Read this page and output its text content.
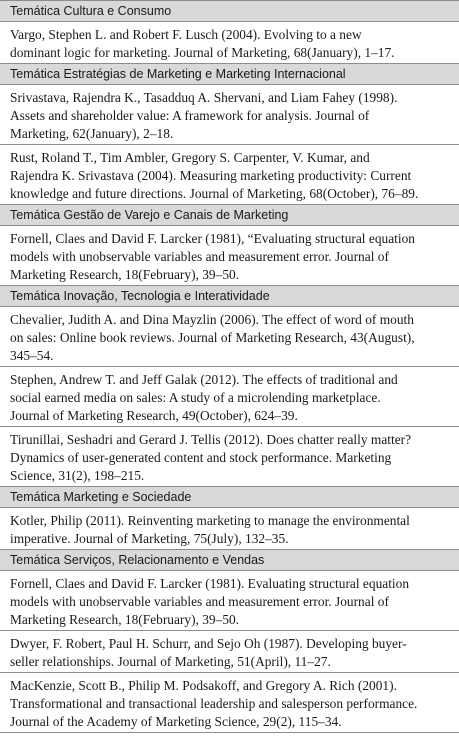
Temática Cultura e Consumo
Vargo, Stephen L. and Robert F. Lusch (2004). Evolving to a new
dominant logic for marketing. Journal of Marketing, 68(January), 1–17.
Temática Estratégias de Marketing e Marketing Internacional
Srivastava, Rajendra K., Tasadduq A. Shervani, and Liam Fahey (1998).
Assets and shareholder value: A framework for analysis. Journal of
Marketing, 62(January), 2–18.
Rust, Roland T., Tim Ambler, Gregory S. Carpenter, V. Kumar, and
Rajendra K. Srivastava (2004). Measuring marketing productivity: Current
knowledge and future directions. Journal of Marketing, 68(October), 76–89.
Temática Gestão de Varejo e Canais de Marketing
Fornell, Claes and David F. Larcker (1981), “Evaluating structural equation
models with unobservable variables and measurement error. Journal of
Marketing Research, 18(February), 39–50.
Temática Inovação, Tecnologia e Interatividade
Chevalier, Judith A. and Dina Mayzlin (2006). The effect of word of mouth
on sales: Online book reviews. Journal of Marketing Research, 43(August),
345–54.
Stephen, Andrew T. and Jeff Galak (2012). The effects of traditional and
social earned media on sales: A study of a microlending marketplace.
Journal of Marketing Research, 49(October), 624–39.
Tirunillai, Seshadri and Gerard J. Tellis (2012). Does chatter really matter?
Dynamics of user-generated content and stock performance. Marketing
Science, 31(2), 198–215.
Temática Marketing e Sociedade
Kotler, Philip (2011). Reinventing marketing to manage the environmental
imperative. Journal of Marketing, 75(July), 132–35.
Temática Serviços, Relacionamento e Vendas
Fornell, Claes and David F. Larcker (1981). Evaluating structural equation
models with unobservable variables and measurement error. Journal of
Marketing Research, 18(February), 39–50.
Dwyer, F. Robert, Paul H. Schurr, and Sejo Oh (1987). Developing buyer-
seller relationships. Journal of Marketing, 51(April), 11–27.
MacKenzie, Scott B., Philip M. Podsakoff, and Gregory A. Rich (2001).
Transformational and transactional leadership and salesperson performance.
Journal of the Academy of Marketing Science, 29(2), 115–34.
